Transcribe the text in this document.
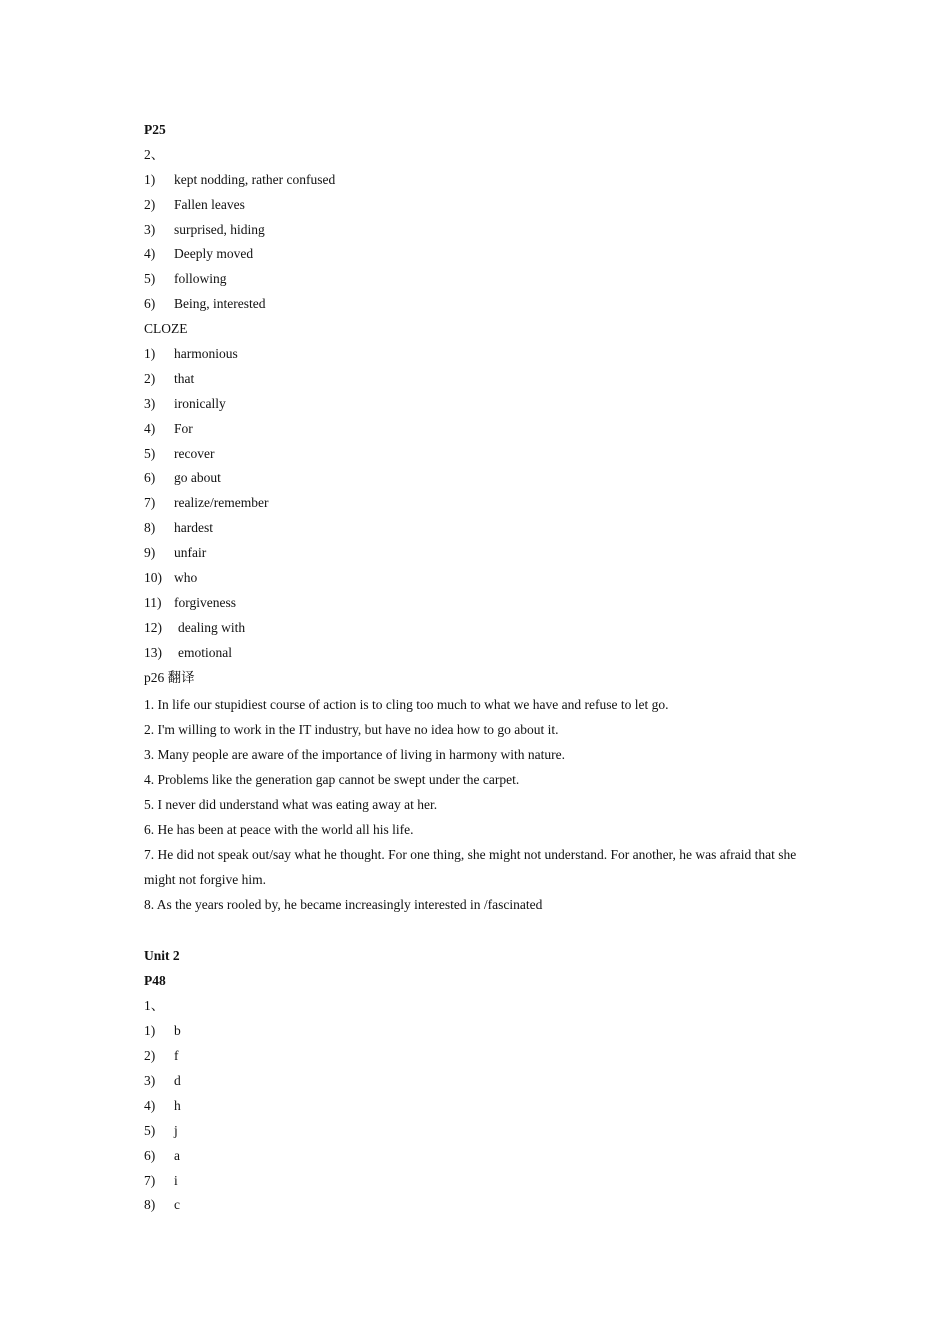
P25
2、
1) kept nodding, rather confused
2) Fallen leaves
3) surprised, hiding
4) Deeply moved
5) following
6) Being, interested
CLOZE
1) harmonious
2) that
3) ironically
4) For
5) recover
6) go about
7) realize/remember
8) hardest
9) unfair
10) who
11) forgiveness
12) dealing with
13) emotional
p26 翻译
1. In life our stupidiest course of action is to cling too much to what we have and refuse to let go.
2. I'm willing to work in the IT industry, but have no idea how to go about it.
3. Many people are aware of the importance of living in harmony with nature.
4. Problems like the generation gap cannot be swept under the carpet.
5. I never did understand what was eating away at her.
6. He has been at peace with the world all his life.
7. He did not speak out/say what he thought. For one thing, she might not understand. For another, he was afraid that she might not forgive him.
8. As the years rooled by, he became increasingly interested in /fascinated
Unit 2
P48
1、
1) b
2) f
3) d
4) h
5) j
6) a
7) i
8) c
